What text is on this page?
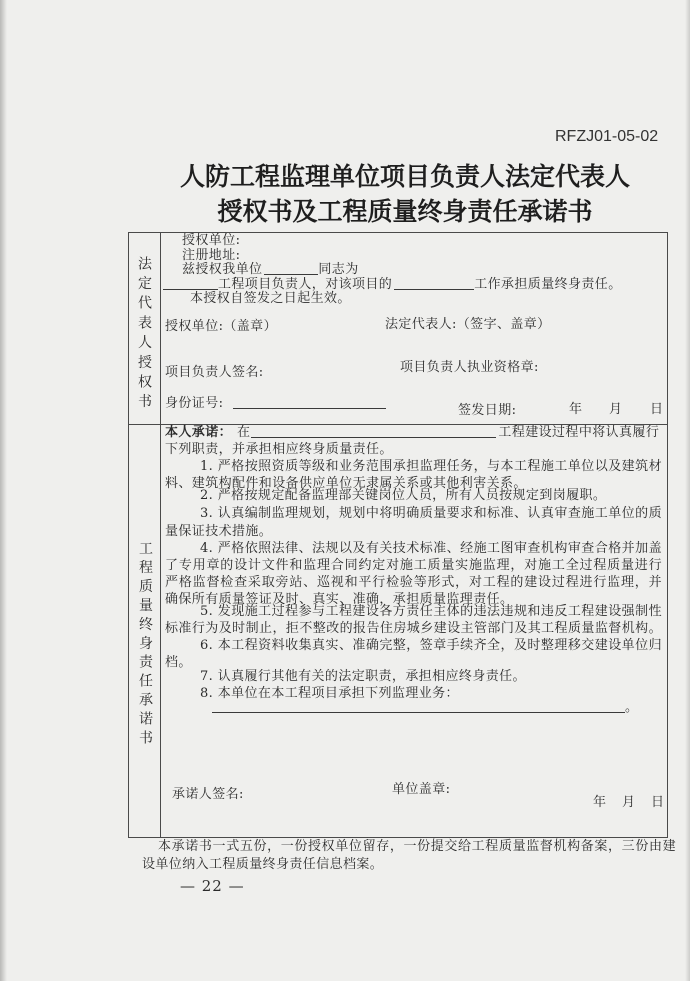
RFZJ01-05-02
人防工程监理单位项目负责人法定代表人
授权书及工程质量终身责任承诺书
法定代表人授权书
授权单位:
注册地址:
兹授权我单位	同志为
工程项目负责人，对该项目的	工作承担质量终身责任。
本授权自签发之日起生效。
授权单位:（盖章）	法定代表人:（签字、盖章）
项目负责人签名:	项目负责人执业资格章:
身份证号:	签发日期:	年 月 日
工程质量终身责任承诺书
本人承诺： 在	工程建设过程中将认真履行
下列职责，并承担相应终身质量责任。
1. 严格按照资质等级和业务范围承担监理任务，与本工程施工单位以及建筑材
料、建筑构配件和设备供应单位无隶属关系或其他利害关系。
2. 严格按规定配备监理部关键岗位人员，所有人员按规定到岗履职。
3. 认真编制监理规划，规划中将明确质量要求和标准、认真审查施工单位的质
量保证技术措施。
4. 严格依照法律、法规以及有关技术标准、经施工图审查机构审查合格并加盖
了专用章的设计文件和监理合同约定对施工质量实施监理，对施工全过程质量进行
严格监督检查采取旁站、巡视和平行检验等形式，对工程的建设过程进行监理，并
确保所有质量签证及时、真实、准确，承担质量监理责任。
5. 发现施工过程参与工程建设各方责任主体的违法违规和违反工程建设强制性
标准行为及时制止，拒不整改的报告住房城乡建设主管部门及其工程质量监督机构。
6. 本工程资料收集真实、准确完整，签章手续齐全，及时整理移交建设单位归
档。
7. 认真履行其他有关的法定职责，承担相应终身责任。
8. 本单位在本工程项目承担下列监理业务：
。
承诺人签名:	单位盖章:
年 月 日
本承诺书一式五份，一份授权单位留存，一份提交给工程质量监督机构备案，三份由建
设单位纳入工程质量终身责任信息档案。
— 22 —
